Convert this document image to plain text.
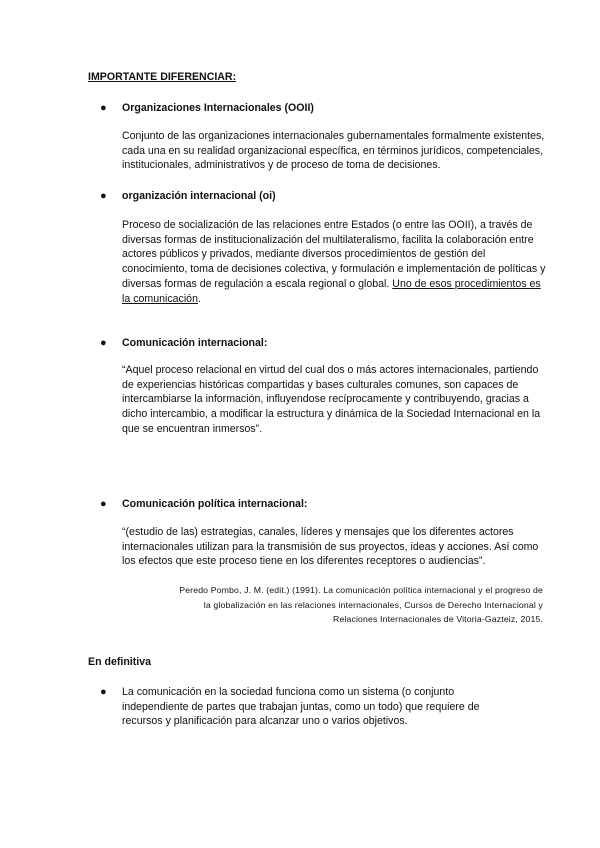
IMPORTANTE DIFERENCIAR:
● Organizaciones Internacionales (OOII)
Conjunto de las organizaciones internacionales gubernamentales formalmente existentes, cada una en su realidad organizacional específica, en términos jurídicos, competenciales, institucionales, administrativos y de proceso de toma de decisiones.
● organización internacional (oi)
Proceso de socialización de las relaciones entre Estados (o entre las OOII), a través de diversas formas de institucionalización del multilateralismo, facilita la colaboración entre actores públicos y privados, mediante diversos procedimientos de gestión del conocimiento, toma de decisiones colectiva, y formulación e implementación de políticas y diversas formas de regulación a escala regional o global. Uno de esos procedimientos es la comunicación.
● Comunicación internacional:
“Aquel proceso relacional en virtud del cual dos o más actores internacionales, partiendo de experiencias históricas compartidas y bases culturales comunes, son capaces de intercambiarse la información, influyendose recíprocamente y contribuyendo, gracias a dicho intercambio, a modificar la estructura y dinámica de la Sociedad Internacional en la que se encuentran inmersos”.
● Comunicación política internacional:
“(estudio de las) estrategias, canales, líderes y mensajes que los diferentes actores internacionales utilizan para la transmisión de sus proyectos, ideas y acciones. Así como los efectos que este proceso tiene en los diferentes receptores o audiencias”.
Peredo Pombo, J. M. (edit.) (1991). La comunicación política internacional y el progreso de
la globalización en las relaciones internacionales, Cursos de Derecho Internacional y
Relaciones Internacionales de Vitoria-Gazteiz, 2015.
En definitiva
● La comunicación en la sociedad funciona como un sistema (o conjunto independiente de partes que trabajan juntas, como un todo) que requiere de recursos y planificación para alcanzar uno o varios objetivos.
